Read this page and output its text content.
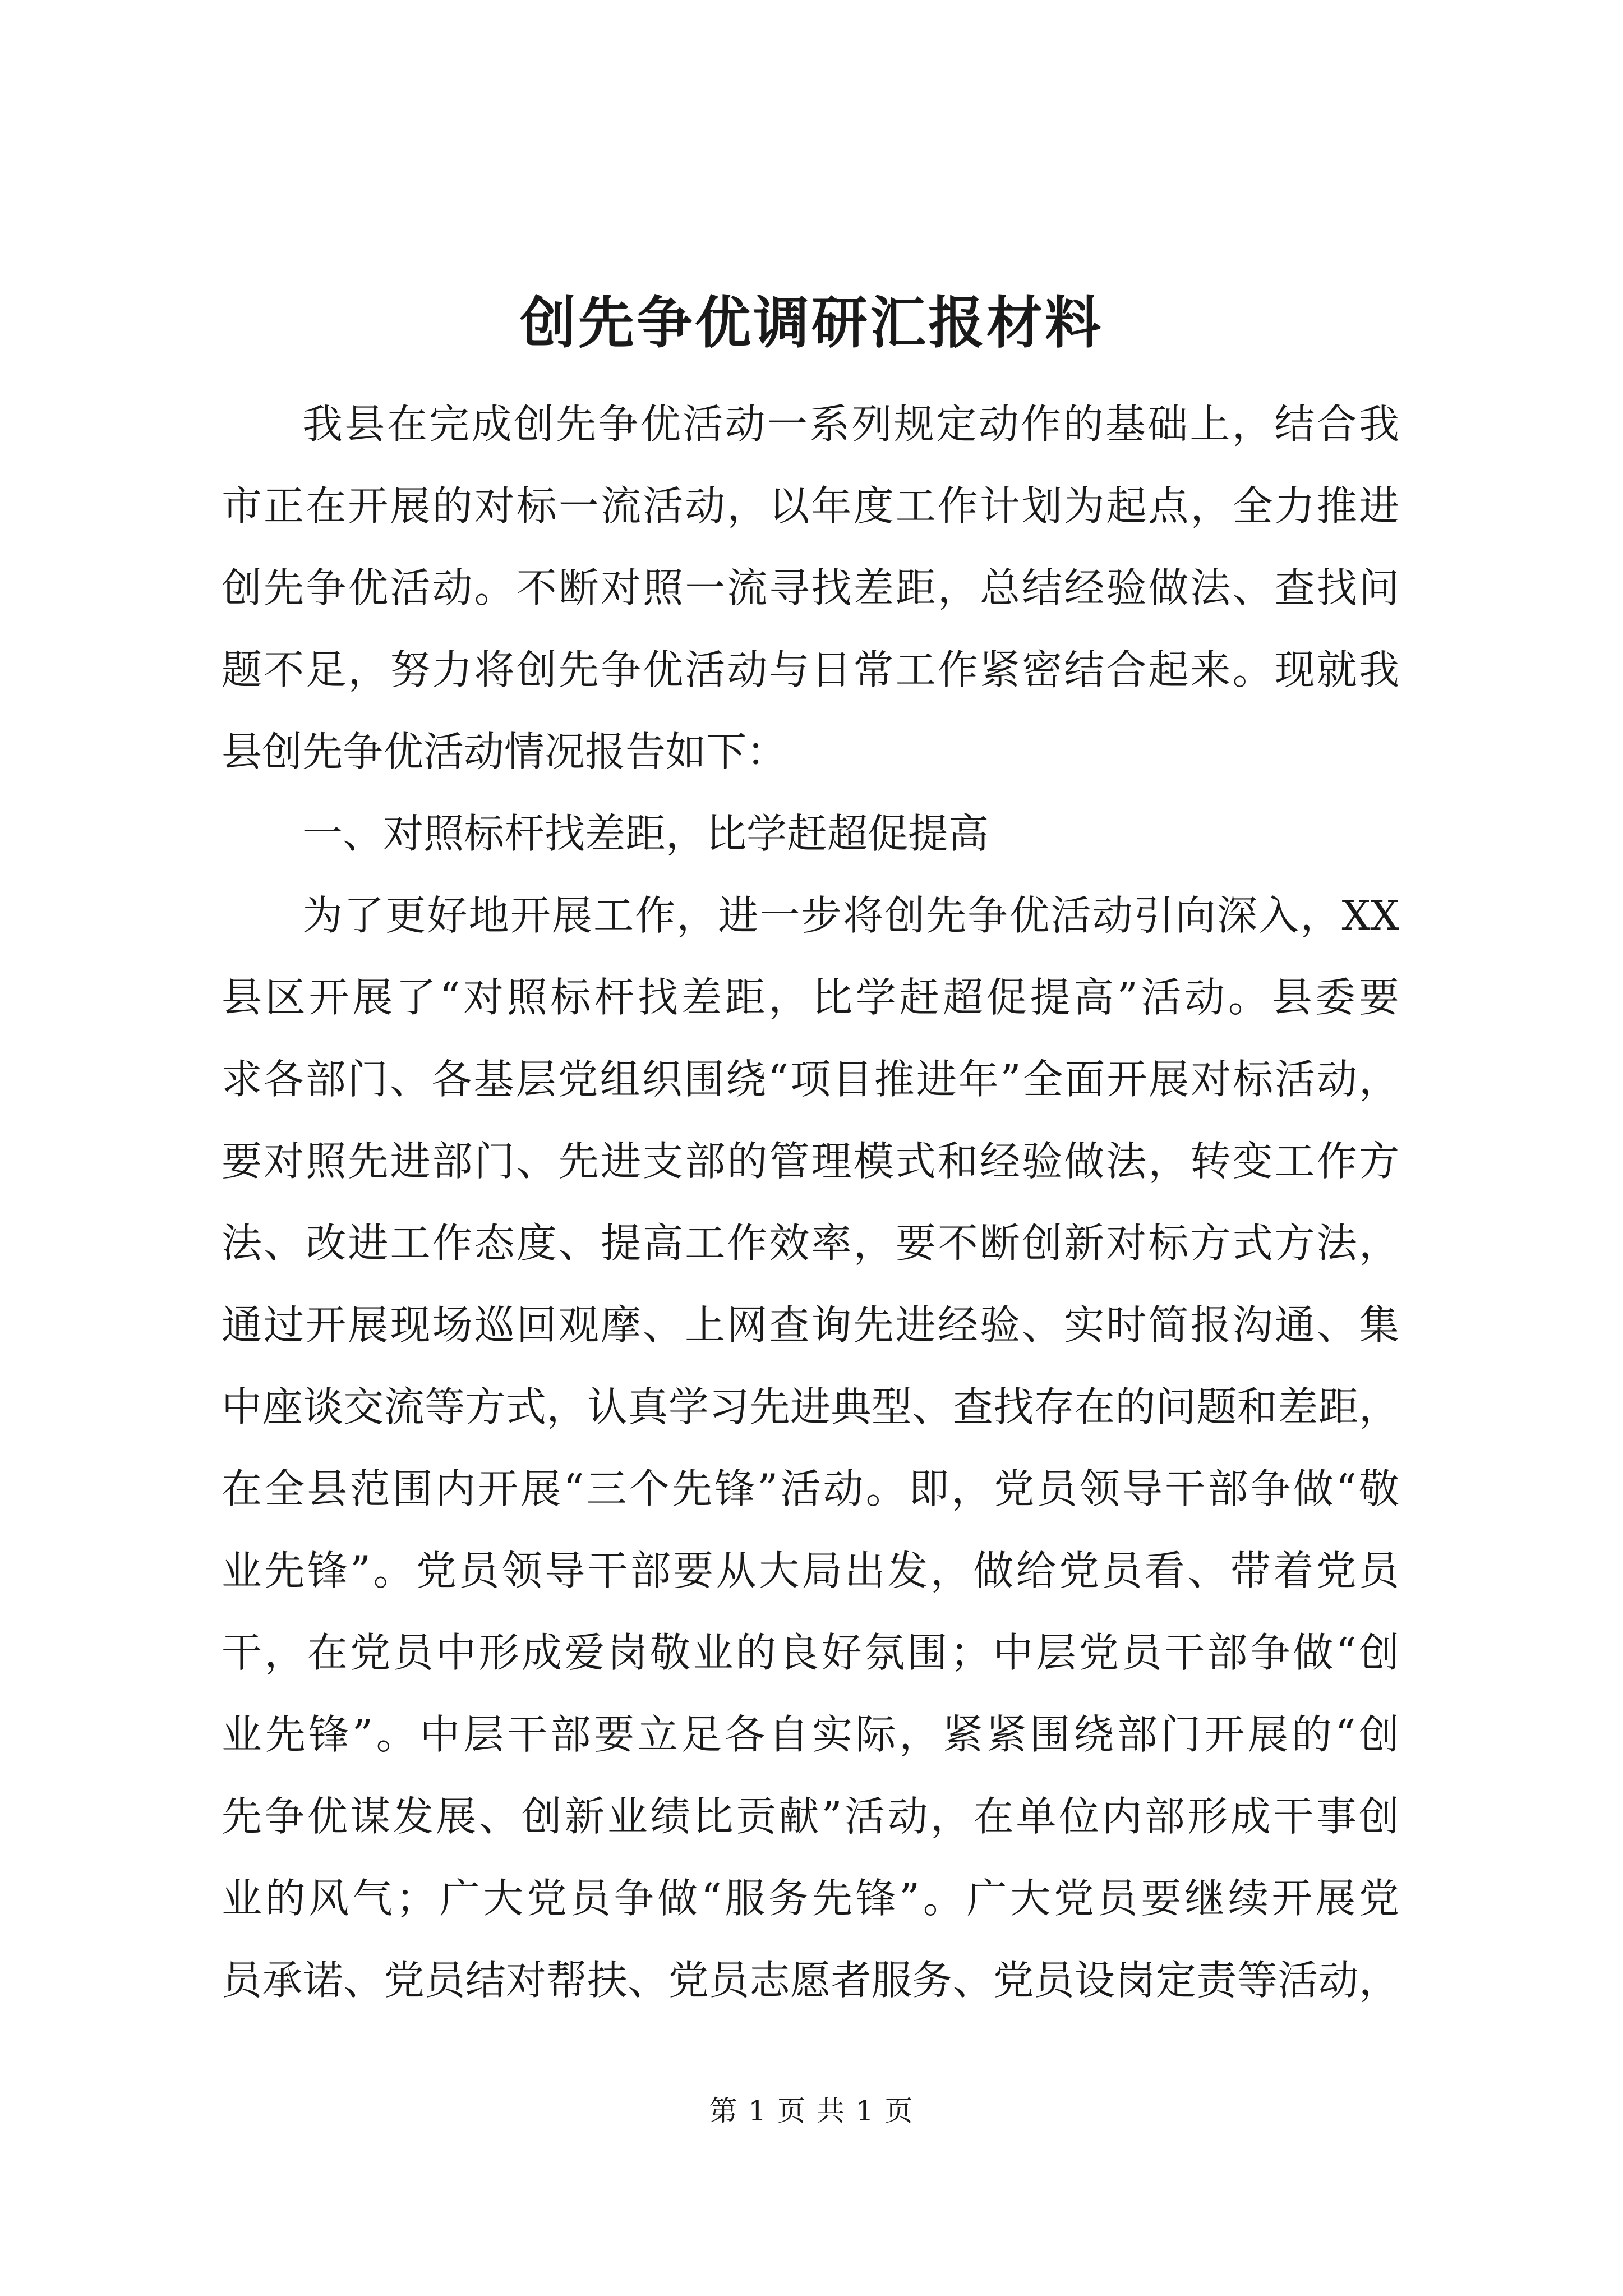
创先争优调研汇报材料
我县在完成创先争优活动一系列规定动作的基础上，结合我
市正在开展的对标一流活动，以年度工作计划为起点，全力推进
创先争优活动。不断对照一流寻找差距，总结经验做法、查找问
题不足，努力将创先争优活动与日常工作紧密结合起来。现就我
县创先争优活动情况报告如下：
一、对照标杆找差距，比学赶超促提高
为了更好地开展工作，进一步将创先争优活动引向深入，XX
县区开展了“对照标杆找差距，比学赶超促提高”活动。县委要
求各部门、各基层党组织围绕“项目推进年”全面开展对标活动，
要对照先进部门、先进支部的管理模式和经验做法，转变工作方
法、改进工作态度、提高工作效率，要不断创新对标方式方法，
通过开展现场巡回观摩、上网查询先进经验、实时简报沟通、集
中座谈交流等方式，认真学习先进典型、查找存在的问题和差距，
在全县范围内开展“三个先锋”活动。即，党员领导干部争做“敬
业先锋”。党员领导干部要从大局出发，做给党员看、带着党员
干，在党员中形成爱岗敬业的良好氛围；中层党员干部争做“创
业先锋”。中层干部要立足各自实际，紧紧围绕部门开展的“创
先争优谋发展、创新业绩比贡献”活动，在单位内部形成干事创
业的风气；广大党员争做“服务先锋”。广大党员要继续开展党
员承诺、党员结对帮扶、党员志愿者服务、党员设岗定责等活动，
第 1 页 共 1 页
